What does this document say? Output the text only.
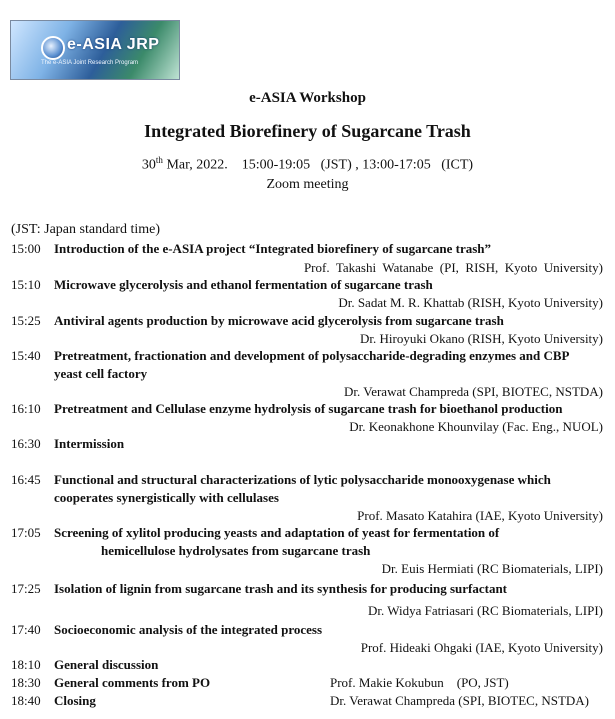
e-ASIA JRP
The e-ASIA Joint Research Program
e-ASIA Workshop
Integrated Biorefinery of Sugarcane Trash
30th Mar, 2022.    15:00-19:05   (JST) , 13:00-17:05   (ICT)
Zoom meeting
(JST: Japan standard time)
15:00 Introduction of the e-ASIA project “Integrated biorefinery of sugarcane trash”
Prof.  Takashi  Watanabe  (PI,  RISH,  Kyoto  University)
15:10 Microwave glycerolysis and ethanol fermentation of sugarcane trash
Dr. Sadat M. R. Khattab (RISH, Kyoto University)
15:25 Antiviral agents production by microwave acid glycerolysis from sugarcane trash
Dr. Hiroyuki Okano (RISH, Kyoto University)
15:40 Pretreatment, fractionation and development of polysaccharide-degrading enzymes and CBP
yeast cell factory
Dr. Verawat Champreda (SPI, BIOTEC, NSTDA)
16:10 Pretreatment and Cellulase enzyme hydrolysis of sugarcane trash for bioethanol production
Dr. Keonakhone Khounvilay (Fac. Eng., NUOL)
16:30 Intermission
16:45 Functional and structural characterizations of lytic polysaccharide monooxygenase which
cooperates synergistically with cellulases
Prof. Masato Katahira (IAE, Kyoto University)
17:05 Screening of xylitol producing yeasts and adaptation of yeast for fermentation of
hemicellulose hydrolysates from sugarcane trash
Dr. Euis Hermiati (RC Biomaterials, LIPI)
17:25 Isolation of lignin from sugarcane trash and its synthesis for producing surfactant
Dr. Widya Fatriasari (RC Biomaterials, LIPI)
17:40 Socioeconomic analysis of the integrated process
Prof. Hideaki Ohgaki (IAE, Kyoto University)
18:10 General discussion
18:30 General comments from PO	Prof. Makie Kokubun    (PO, JST)
18:40 Closing	Dr. Verawat Champreda (SPI, BIOTEC, NSTDA)
